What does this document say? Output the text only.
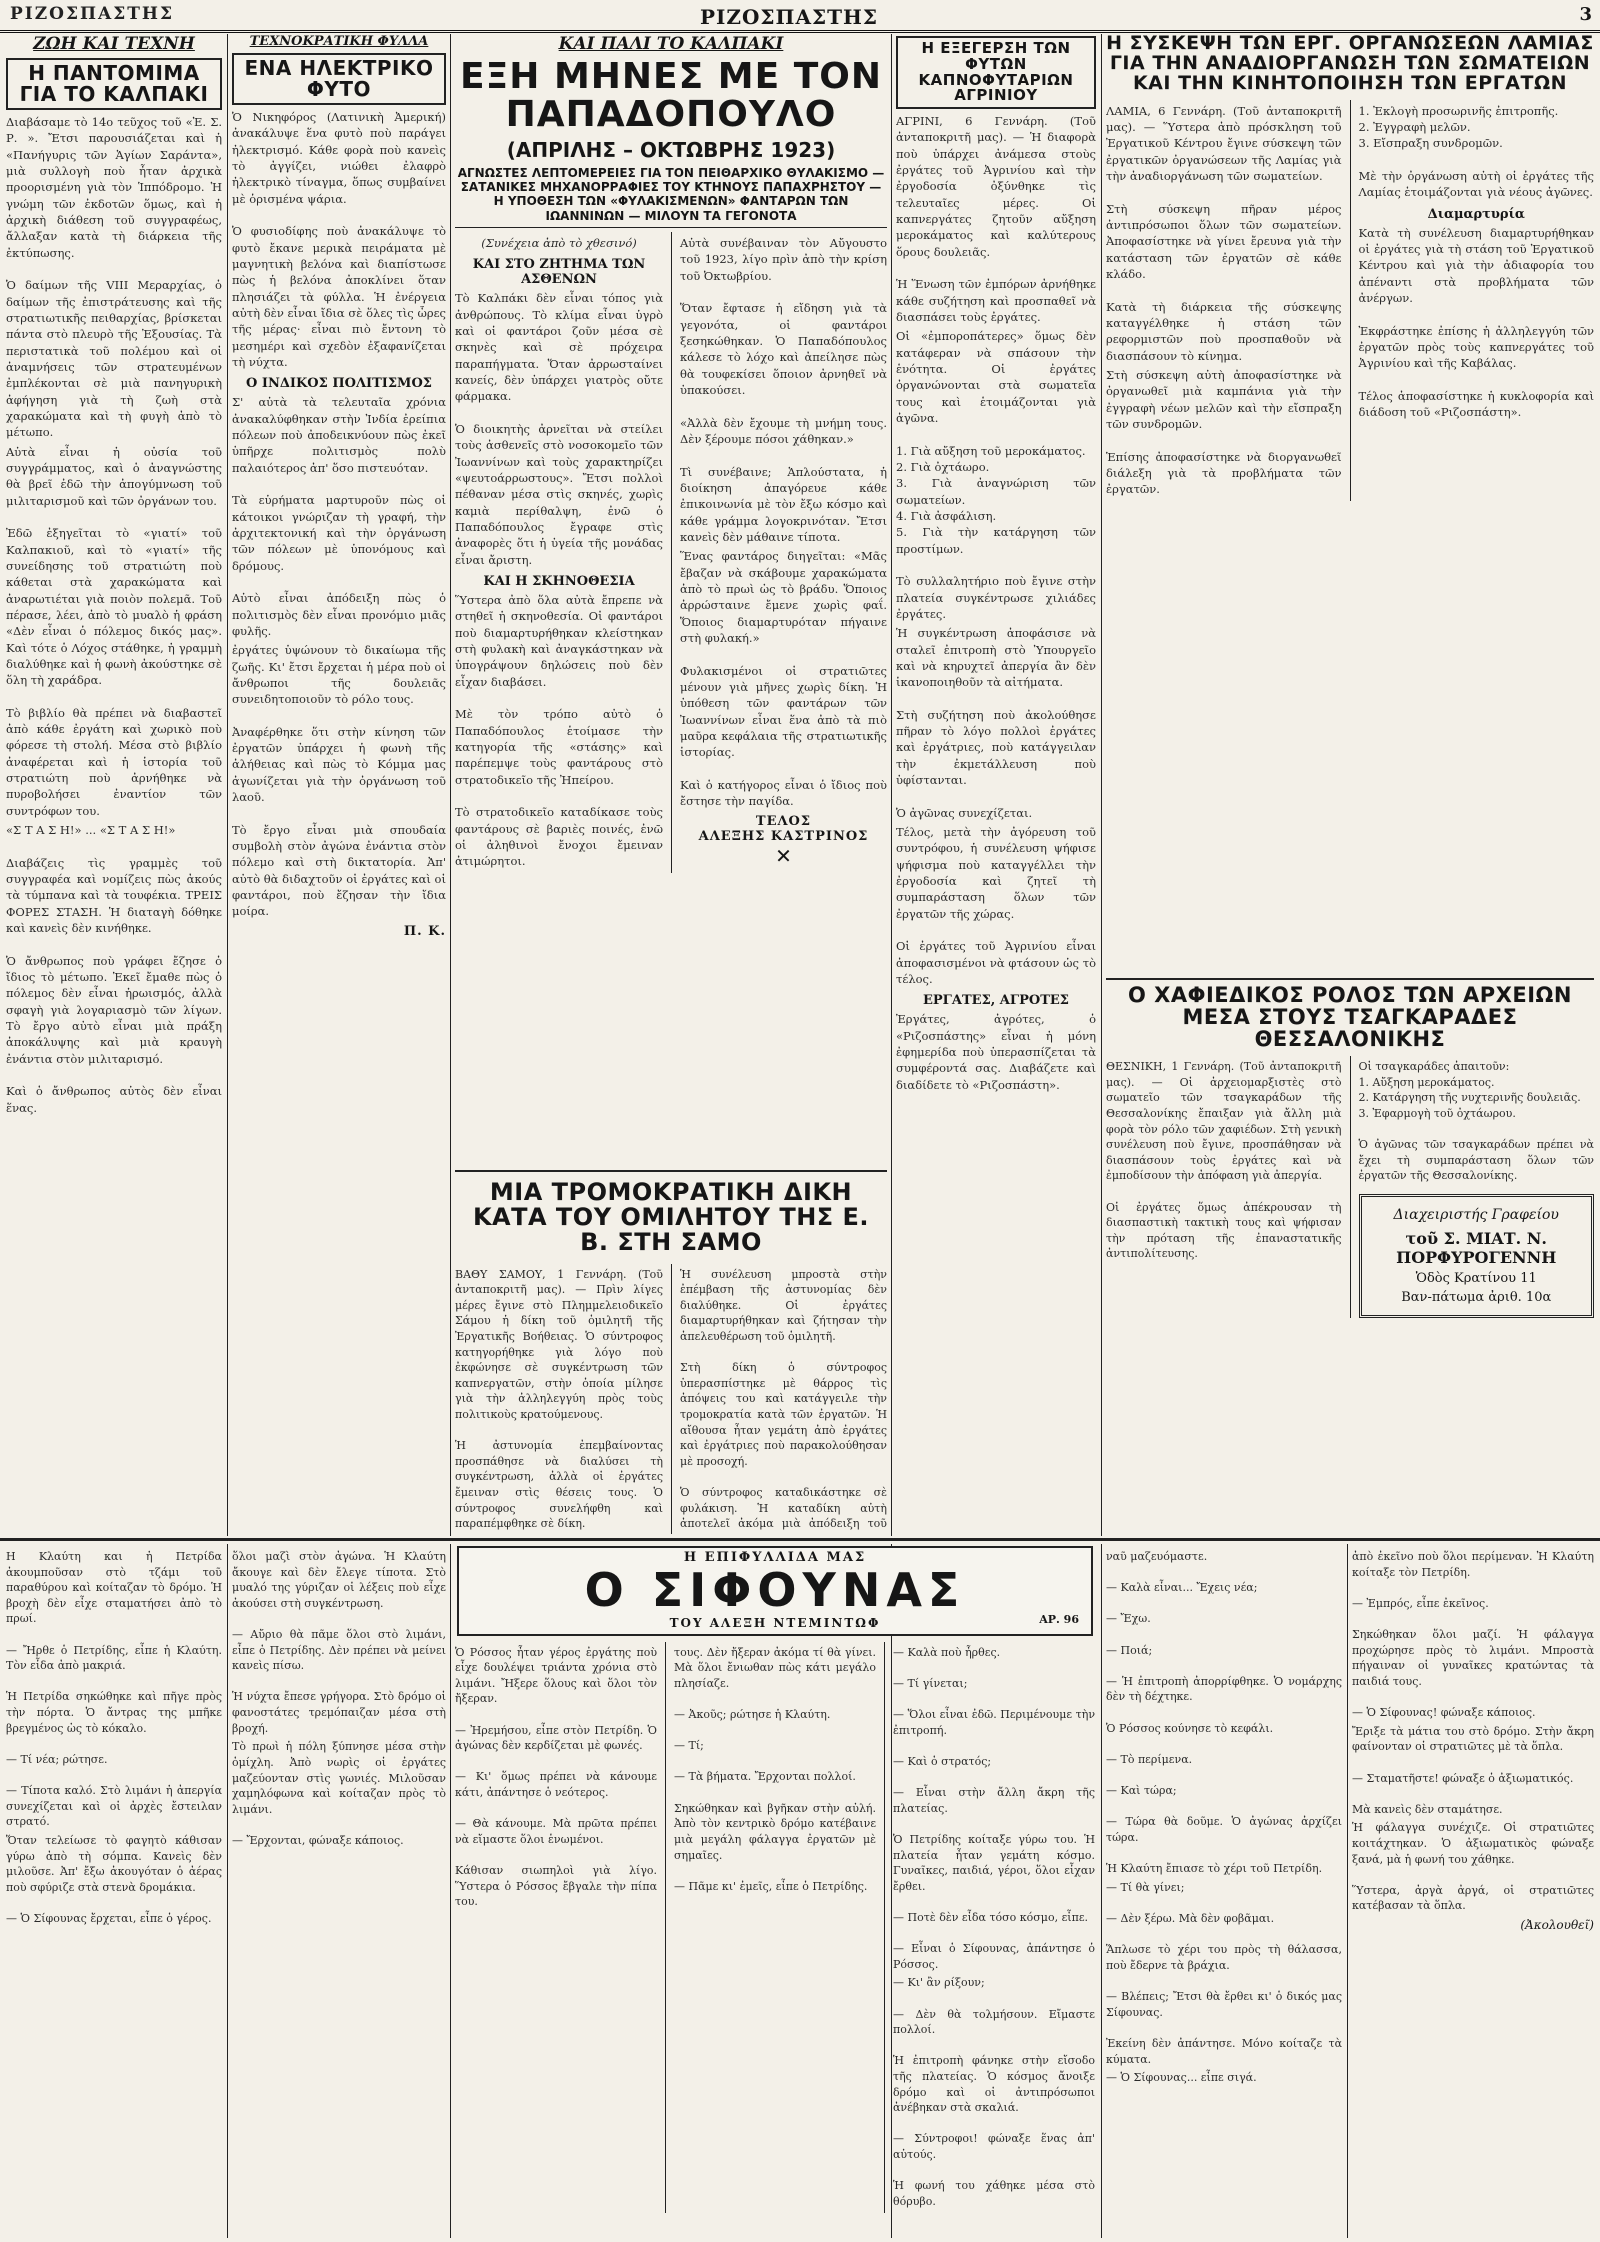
ΡΙΖΟΣΠΑΣΤΗΣ	ΡΙΖΟΣΠΑΣΤΗΣ	3
ΖΩΗ ΚΑΙ ΤΕΧΝΗ
Η ΠΑΝΤΟΜΙΜΑ ΓΙΑ ΤΟ ΚΑΛΠΑΚΙ
Διαβάσαμε τὸ 14ο τεῦχος τοῦ «Ἑ. Σ. Ρ. ». Ἔτσι παρουσιάζεται καὶ ἡ «Πανήγυρις τῶν Ἁγίων Σαράντα», μιὰ συλλογὴ ποὺ ἦταν ἀρχικὰ προορισμένη γιὰ τὸν Ἱππόδρομο. Ἡ γνώμη τῶν ἐκδοτῶν ὅμως, καὶ ἡ ἀρχικὴ διάθεση τοῦ συγγραφέως, ἄλλαξαν κατὰ τὴ διάρκεια τῆς ἐκτύπωσης.

Ὁ δαίμων τῆς VIII Μεραρχίας, ὁ δαίμων τῆς ἐπιστράτευσης καὶ τῆς στρατιωτικῆς πειθαρχίας, βρίσκεται πάντα στὸ πλευρὸ τῆς Ἐξουσίας. Τὰ περιστατικὰ τοῦ πολέμου καὶ οἱ ἀναμνήσεις τῶν στρατευμένων ἐμπλέκονται σὲ μιὰ πανηγυρικὴ ἀφήγηση γιὰ τὴ ζωὴ στὰ χαρακώματα καὶ τὴ φυγὴ ἀπὸ τὸ μέτωπο.
Αὐτὰ εἶναι ἡ οὐσία τοῦ συγγράμματος, καὶ ὁ ἀναγνώστης θὰ βρεῖ ἐδῶ τὴν ἀπογύμνωση τοῦ μιλιταρισμοῦ καὶ τῶν ὀργάνων του.

Ἐδῶ ἐξηγεῖται τὸ «γιατί» τοῦ Καλπακιοῦ, καὶ τὸ «γιατί» τῆς συνείδησης τοῦ στρατιώτη ποὺ κάθεται στὰ χαρακώματα καὶ ἀναρωτιέται γιὰ ποιὸν πολεμᾶ. Τοῦ πέρασε, λέει, ἀπὸ τὸ μυαλὸ ἡ φράση «Δὲν εἶναι ὁ πόλεμος δικός μας». Καὶ τότε ὁ Λόχος στάθηκε, ἡ γραμμὴ διαλύθηκε καὶ ἡ φωνὴ ἀκούστηκε σὲ ὅλη τὴ χαράδρα.

Τὸ βιβλίο θὰ πρέπει νὰ διαβαστεῖ ἀπὸ κάθε ἐργάτη καὶ χωρικὸ ποὺ φόρεσε τὴ στολή. Μέσα στὸ βιβλίο ἀναφέρεται καὶ ἡ ἱστορία τοῦ στρατιώτη ποὺ ἀρνήθηκε νὰ πυροβολήσει ἐναντίον τῶν συντρόφων του.
«Σ Τ Α Σ Η!» ... «Σ Τ Α Σ Η!»

Διαβάζεις τὶς γραμμὲς τοῦ συγγραφέα καὶ νομίζεις πὼς ἀκούς τὰ τύμπανα καὶ τὰ τουφέκια. ΤΡΕΙΣ ΦΟΡΕΣ ΣΤΑΣΗ. Ἡ διαταγὴ δόθηκε καὶ κανεὶς δὲν κινήθηκε.

Ὁ ἄνθρωπος ποὺ γράφει ἔζησε ὁ ἴδιος τὸ μέτωπο. Ἐκεῖ ἔμαθε πὼς ὁ πόλεμος δὲν εἶναι ἡρωισμός, ἀλλὰ σφαγὴ γιὰ λογαριασμὸ τῶν λίγων. Τὸ ἔργο αὐτὸ εἶναι μιὰ πράξη ἀποκάλυψης καὶ μιὰ κραυγὴ ἐνάντια στὸν μιλιταρισμό.

Καὶ ὁ ἄνθρωπος αὐτὸς δὲν εἶναι ἕνας.
ΤΕΧΝΟΚΡΑΤΙΚΗ ΦΥΛΛΑ
ΕΝΑ ΗΛΕΚΤΡΙΚΟ ΦΥΤΟ
Ὁ Νικηφόρος (Λατινικὴ Ἀμερική) ἀνακάλυψε ἕνα φυτὸ ποὺ παράγει ἠλεκτρισμό. Κάθε φορὰ ποὺ κανεὶς τὸ ἀγγίζει, νιώθει ἐλαφρὸ ἠλεκτρικὸ τίναγμα, ὅπως συμβαίνει μὲ ὁρισμένα ψάρια.

Ὁ φυσιοδίφης ποὺ ἀνακάλυψε τὸ φυτὸ ἔκανε μερικὰ πειράματα μὲ μαγνητικὴ βελόνα καὶ διαπίστωσε πὼς ἡ βελόνα ἀποκλίνει ὅταν πλησιάζει τὰ φύλλα. Ἡ ἐνέργεια αὐτὴ δὲν εἶναι ἴδια σὲ ὅλες τὶς ὧρες τῆς μέρας· εἶναι πιὸ ἔντονη τὸ μεσημέρι καὶ σχεδὸν ἐξαφανίζεται τὴ νύχτα.
Ο ΙΝΔΙΚΟΣ ΠΟΛΙΤΙΣΜΟΣ
Σ' αὐτὰ τὰ τελευταῖα χρόνια ἀνακαλύφθηκαν στὴν Ἰνδία ἐρείπια πόλεων ποὺ ἀποδεικνύουν πὼς ἐκεῖ ὑπῆρχε πολιτισμὸς πολὺ παλαιότερος ἀπ' ὅσο πιστευόταν.

Τὰ εὑρήματα μαρτυροῦν πὼς οἱ κάτοικοι γνώριζαν τὴ γραφή, τὴν ἀρχιτεκτονική καὶ τὴν ὀργάνωση τῶν πόλεων μὲ ὑπονόμους καὶ δρόμους.

Αὐτὸ εἶναι ἀπόδειξη πὼς ὁ πολιτισμὸς δὲν εἶναι προνόμιο μιᾶς φυλῆς.
ἐργάτες ὑψώνουν τὸ δικαίωμα τῆς ζωῆς. Κι' ἔτσι ἔρχεται ἡ μέρα ποὺ οἱ ἄνθρωποι τῆς δουλειᾶς συνειδητοποιοῦν τὸ ρόλο τους.

Ἀναφέρθηκε ὅτι στὴν κίνηση τῶν ἐργατῶν ὑπάρχει ἡ φωνὴ τῆς ἀλήθειας καὶ πὼς τὸ Κόμμα μας ἀγωνίζεται γιὰ τὴν ὀργάνωση τοῦ λαοῦ.

Τὸ ἔργο εἶναι μιὰ σπουδαία συμβολὴ στὸν ἀγώνα ἐνάντια στὸν πόλεμο καὶ στὴ δικτατορία. Ἀπ' αὐτὸ θὰ διδαχτοῦν οἱ ἐργάτες καὶ οἱ φαντάροι, ποὺ ἔζησαν τὴν ἴδια μοίρα.
Π. Κ.
ΚΑΙ ΠΑΛΙ ΤΟ ΚΑΛΠΑΚΙ
ΕΞΗ ΜΗΝΕΣ ΜΕ ΤΟΝ ΠΑΠΑΔΟΠΟΥΛΟ
(ΑΠΡΙΛΗΣ – ΟΚΤΩΒΡΗΣ 1923)
ΑΓΝΩΣΤΕΣ ΛΕΠΤΟΜΕΡΕΙΕΣ ΓΙΑ ΤΟΝ ΠΕΙΘΑΡΧΙΚΟ ΘΥΛΑΚΙΣΜΟ — ΣΑΤΑΝΙΚΕΣ ΜΗΧΑΝΟΡΡΑΦΙΕΣ ΤΟΥ ΚΤΗΝΟΥΣ ΠΑΠΑΧΡΗΣΤΟΥ — Η ΥΠΟΘΕΣΗ ΤΩΝ «ΦΥΛΑΚΙΣΜΕΝΩΝ» ΦΑΝΤΑΡΩΝ ΤΩΝ ΙΩΑΝΝΙΝΩΝ — ΜΙΛΟΥΝ ΤΑ ΓΕΓΟΝΟΤΑ
(Συνέχεια ἀπὸ τὸ χθεσινό)
ΚΑΙ ΣΤΟ ΖΗΤΗΜΑ ΤΩΝ ΑΣΘΕΝΩΝ
Τὸ Καλπάκι δὲν εἶναι τόπος γιὰ ἀνθρώπους. Τὸ κλίμα εἶναι ὑγρὸ καὶ οἱ φαντάροι ζοῦν μέσα σὲ σκηνὲς καὶ σὲ πρόχειρα παραπήγματα. Ὅταν ἀρρωσταίνει κανείς, δὲν ὑπάρχει γιατρὸς οὔτε φάρμακα.

Ὁ διοικητὴς ἀρνεῖται νὰ στείλει τοὺς ἀσθενεῖς στὸ νοσοκομεῖο τῶν Ἰωαννίνων καὶ τοὺς χαρακτηρίζει «ψευτοάρρωστους». Ἔτσι πολλοὶ πέθαναν μέσα στὶς σκηνές, χωρὶς καμιὰ περίθαλψη, ἐνῶ ὁ Παπαδόπουλος ἔγραφε στὶς ἀναφορὲς ὅτι ἡ ὑγεία τῆς μονάδας εἶναι ἄριστη.
ΚΑΙ Η ΣΚΗΝΟΘΕΣΙΑ
Ὕστερα ἀπὸ ὅλα αὐτὰ ἔπρεπε νὰ στηθεῖ ἡ σκηνοθεσία. Οἱ φαντάροι ποὺ διαμαρτυρήθηκαν κλείστηκαν στὴ φυλακὴ καὶ ἀναγκάστηκαν νὰ ὑπογράψουν δηλώσεις ποὺ δὲν εἶχαν διαβάσει.

Μὲ τὸν τρόπο αὐτὸ ὁ Παπαδόπουλος ἑτοίμασε τὴν κατηγορία τῆς «στάσης» καὶ παρέπεμψε τοὺς φαντάρους στὸ στρατοδικεῖο τῆς Ἠπείρου.

Τὸ στρατοδικεῖο καταδίκασε τοὺς φαντάρους σὲ βαριὲς ποινές, ἐνῶ οἱ ἀληθινοὶ ἔνοχοι ἔμειναν ἀτιμώρητοι.
Αὐτὰ συνέβαιναν τὸν Αὔγουστο τοῦ 1923, λίγο πρὶν ἀπὸ τὴν κρίση τοῦ Ὀκτωβρίου.

Ὅταν ἔφτασε ἡ εἴδηση γιὰ τὰ γεγονότα, οἱ φαντάροι ξεσηκώθηκαν. Ὁ Παπαδόπουλος κάλεσε τὸ λόχο καὶ ἀπείλησε πὼς θὰ τουφεκίσει ὅποιον ἀρνηθεῖ νὰ ὑπακούσει.

«Ἀλλὰ δὲν ἔχουμε τὴ μνήμη τους. Δὲν ξέρουμε πόσοι χάθηκαν.»

Τὶ συνέβαινε; Ἁπλούστατα, ἡ διοίκηση ἀπαγόρευε κάθε ἐπικοινωνία μὲ τὸν ἔξω κόσμο καὶ κάθε γράμμα λογοκρινόταν. Ἔτσι κανεὶς δὲν μάθαινε τίποτα.
Ἕνας φαντάρος διηγεῖται: «Μᾶς ἔβαζαν νὰ σκάβουμε χαρακώματα ἀπὸ τὸ πρωὶ ὡς τὸ βράδυ. Ὅποιος ἀρρώσταινε ἔμενε χωρὶς φαΐ. Ὅποιος διαμαρτυρόταν πήγαινε στὴ φυλακή.»

Φυλακισμένοι οἱ στρατιῶτες μένουν γιὰ μῆνες χωρὶς δίκη. Ἡ ὑπόθεση τῶν φαντάρων τῶν Ἰωαννίνων εἶναι ἕνα ἀπὸ τὰ πιὸ μαῦρα κεφάλαια τῆς στρατιωτικῆς ἱστορίας.

Καὶ ὁ κατήγορος εἶναι ὁ ἴδιος ποὺ ἔστησε τὴν παγίδα.
ΤΕΛΟΣ
ΑΛΕΞΗΣ ΚΑΣΤΡΙΝΟΣ
✕
ΜΙΑ ΤΡΟΜΟΚΡΑΤΙΚΗ ΔΙΚΗ ΚΑΤΑ ΤΟΥ ΟΜΙΛΗΤΟΥ ΤΗΣ Ε. Β. ΣΤΗ ΣΑΜΟ
ΒΑΘΥ ΣΑΜΟΥ, 1 Γεννάρη. (Τοῦ ἀνταποκριτῆ μας). — Πρὶν λίγες μέρες ἔγινε στὸ Πλημμελειοδικεῖο Σάμου ἡ δίκη τοῦ ὁμιλητῆ τῆς Ἐργατικῆς Βοήθειας. Ὁ σύντροφος κατηγορήθηκε γιὰ λόγο ποὺ ἐκφώνησε σὲ συγκέντρωση τῶν καπνεργατῶν, στὴν ὁποία μίλησε γιὰ τὴν ἀλληλεγγύη πρὸς τοὺς πολιτικοὺς κρατούμενους.

Ἡ ἀστυνομία ἐπεμβαίνοντας προσπάθησε νὰ διαλύσει τὴ συγκέντρωση, ἀλλὰ οἱ ἐργάτες ἔμειναν στὶς θέσεις τους. Ὁ σύντροφος συνελήφθη καὶ παραπέμφθηκε σὲ δίκη.
Ἡ συνέλευση μπροστὰ στὴν ἐπέμβαση τῆς ἀστυνομίας δὲν διαλύθηκε. Οἱ ἐργάτες διαμαρτυρήθηκαν καὶ ζήτησαν τὴν ἀπελευθέρωση τοῦ ὁμιλητῆ.

Στὴ δίκη ὁ σύντροφος ὑπερασπίστηκε μὲ θάρρος τὶς ἀπόψεις του καὶ κατάγγειλε τὴν τρομοκρατία κατὰ τῶν ἐργατῶν. Ἡ αἴθουσα ἦταν γεμάτη ἀπὸ ἐργάτες καὶ ἐργάτριες ποὺ παρακολούθησαν μὲ προσοχή.

Ὁ σύντροφος καταδικάστηκε σὲ φυλάκιση. Ἡ καταδίκη αὐτὴ ἀποτελεῖ ἀκόμα μιὰ ἀπόδειξη τοῦ
Η ΕΞΕΓΕΡΣΗ ΤΩΝ ΦΥΤΩΝ ΚΑΠΝΟΦΥΤΑΡΙΩΝ ΑΓΡΙΝΙΟΥ
ΑΓΡΙΝΙ, 6 Γεννάρη. (Τοῦ ἀνταποκριτῆ μας). — Ἡ διαφορὰ ποὺ ὑπάρχει ἀνάμεσα στοὺς ἐργάτες τοῦ Ἀγρινίου καὶ τὴν ἐργοδοσία ὀξύνθηκε τὶς τελευταῖες μέρες. Οἱ καπνεργάτες ζητοῦν αὔξηση μεροκάματος καὶ καλύτερους ὅρους δουλειᾶς.

Ἡ Ἕνωση τῶν ἐμπόρων ἀρνήθηκε κάθε συζήτηση καὶ προσπαθεῖ νὰ διασπάσει τοὺς ἐργάτες.
Οἱ «ἐμποροπάτερες» ὅμως δὲν κατάφεραν νὰ σπάσουν τὴν ἑνότητα. Οἱ ἐργάτες ὀργανώνονται στὰ σωματεῖα τους καὶ ἑτοιμάζονται γιὰ ἀγῶνα.

1. Γιὰ αὔξηση τοῦ μεροκάματος.
2. Γιὰ ὀχτάωρο.
3. Γιὰ ἀναγνώριση τῶν σωματείων.
4. Γιὰ ἀσφάλιση.
5. Γιὰ τὴν κατάργηση τῶν προστίμων.

Τὸ συλλαλητήριο ποὺ ἔγινε στὴν πλατεία συγκέντρωσε χιλιάδες ἐργάτες.
Ἡ συγκέντρωση ἀποφάσισε νὰ σταλεῖ ἐπιτροπὴ στὸ Ὑπουργεῖο καὶ νὰ κηρυχτεῖ ἀπεργία ἂν δὲν ἱκανοποιηθοῦν τὰ αἰτήματα.

Στὴ συζήτηση ποὺ ἀκολούθησε πῆραν τὸ λόγο πολλοὶ ἐργάτες καὶ ἐργάτριες, ποὺ κατάγγειλαν τὴν ἐκμετάλλευση ποὺ ὑφίστανται.

Ὁ ἀγῶνας συνεχίζεται.
Τέλος, μετὰ τὴν ἀγόρευση τοῦ συντρόφου, ἡ συνέλευση ψήφισε ψήφισμα ποὺ καταγγέλλει τὴν ἐργοδοσία καὶ ζητεῖ τὴ συμπαράσταση ὅλων τῶν ἐργατῶν τῆς χώρας.

Οἱ ἐργάτες τοῦ Ἀγρινίου εἶναι ἀποφασισμένοι νὰ φτάσουν ὡς τὸ τέλος.
ΕΡΓΑΤΕΣ, ΑΓΡΟΤΕΣ
Ἐργάτες, ἀγρότες, ὁ «Ριζοσπάστης» εἶναι ἡ μόνη ἐφημερίδα ποὺ ὑπερασπίζεται τὰ συμφέροντά σας. Διαβάζετε καὶ διαδίδετε τὸ «Ριζοσπάστη».
Η ΣΥΣΚΕΨΗ ΤΩΝ ΕΡΓ. ΟΡΓΑΝΩΣΕΩΝ ΛΑΜΙΑΣ ΓΙΑ ΤΗΝ ΑΝΑΔΙΟΡΓΑΝΩΣΗ ΤΩΝ ΣΩΜΑΤΕΙΩΝ ΚΑΙ ΤΗΝ ΚΙΝΗΤΟΠΟΙΗΣΗ ΤΩΝ ΕΡΓΑΤΩΝ
ΛΑΜΙΑ, 6 Γεννάρη. (Τοῦ ἀνταποκριτῆ μας). — Ὕστερα ἀπὸ πρόσκληση τοῦ Ἐργατικοῦ Κέντρου ἔγινε σύσκεψη τῶν ἐργατικῶν ὀργανώσεων τῆς Λαμίας γιὰ τὴν ἀναδιοργάνωση τῶν σωματείων.

Στὴ σύσκεψη πῆραν μέρος ἀντιπρόσωποι ὅλων τῶν σωματείων. Ἀποφασίστηκε νὰ γίνει ἔρευνα γιὰ τὴν κατάσταση τῶν ἐργατῶν σὲ κάθε κλάδο.

Κατὰ τὴ διάρκεια τῆς σύσκεψης καταγγέλθηκε ἡ στάση τῶν ρεφορμιστῶν ποὺ προσπαθοῦν νὰ διασπάσουν τὸ κίνημα.
Στὴ σύσκεψη αὐτὴ ἀποφασίστηκε νὰ ὀργανωθεῖ μιὰ καμπάνια γιὰ τὴν ἐγγραφὴ νέων μελῶν καὶ τὴν εἴσπραξη τῶν συνδρομῶν.

Ἑπίσης ἀποφασίστηκε νὰ διοργανωθεῖ διάλεξη γιὰ τὰ προβλήματα τῶν ἐργατῶν.
1. Ἐκλογὴ προσωρινῆς ἐπιτροπῆς.
2. Ἐγγραφὴ μελῶν.
3. Εἴσπραξη συνδρομῶν.

Μὲ τὴν ὀργάνωση αὐτὴ οἱ ἐργάτες τῆς Λαμίας ἑτοιμάζονται γιὰ νέους ἀγῶνες.
Διαμαρτυρία
Κατὰ τὴ συνέλευση διαμαρτυρήθηκαν οἱ ἐργάτες γιὰ τὴ στάση τοῦ Ἐργατικοῦ Κέντρου καὶ γιὰ τὴν ἀδιαφορία του ἀπέναντι στὰ προβλήματα τῶν ἀνέργων.

Ἐκφράστηκε ἐπίσης ἡ ἀλληλεγγύη τῶν ἐργατῶν πρὸς τοὺς καπνεργάτες τοῦ Ἀγρινίου καὶ τῆς Καβάλας.

Τέλος ἀποφασίστηκε ἡ κυκλοφορία καὶ διάδοση τοῦ «Ριζοσπάστη».
Ο ΧΑΦΙΕΔΙΚΟΣ ΡΟΛΟΣ ΤΩΝ ΑΡΧΕΙΩΝ ΜΕΣΑ ΣΤΟΥΣ ΤΣΑΓΚΑΡΑΔΕΣ ΘΕΣΣΑΛΟΝΙΚΗΣ
ΘΕΣΝΙΚΗ, 1 Γεννάρη. (Τοῦ ἀνταποκριτῆ μας). — Οἱ ἀρχειομαρξιστὲς στὸ σωματεῖο τῶν τσαγκαράδων τῆς Θεσσαλονίκης ἔπαιξαν γιὰ ἄλλη μιὰ φορὰ τὸν ρόλο τῶν χαφιέδων. Στὴ γενικὴ συνέλευση ποὺ ἔγινε, προσπάθησαν νὰ διασπάσουν τοὺς ἐργάτες καὶ νὰ ἐμποδίσουν τὴν ἀπόφαση γιὰ ἀπεργία.

Οἱ ἐργάτες ὅμως ἀπέκρουσαν τὴ διασπαστικὴ τακτικὴ τους καὶ ψήφισαν τὴν πρόταση τῆς ἐπαναστατικῆς ἀντιπολίτευσης.
Οἱ τσαγκαράδες ἀπαιτοῦν:
1. Αὔξηση μεροκάματος.
2. Κατάργηση τῆς νυχτερινῆς δουλειᾶς.
3. Ἐφαρμογὴ τοῦ ὀχτάωρου.

Ὁ ἀγῶνας τῶν τσαγκαράδων πρέπει νὰ ἔχει τὴ συμπαράσταση ὅλων τῶν ἐργατῶν τῆς Θεσσαλονίκης.
Διαχειριστής Γραφείου
τοῦ Σ. ΜΙΑΤ. Ν. ΠΟΡΦΥΡΟΓΕΝΝΗ
Ὁδὸς Κρατίνου 11
Βαν-πάτωμα ἀριθ. 10α
Η Κλαύτη και ἡ Πετρίδα ἀκουμποῦσαν στὸ τζάμι τοῦ παραθύρου καὶ κοίταζαν τὸ δρόμο. Ἡ βροχὴ δὲν εἶχε σταματήσει ἀπὸ τὸ πρωί.

— Ἤρθε ὁ Πετρίδης, εἶπε ἡ Κλαύτη. Τὸν εἶδα ἀπὸ μακριά.

Ἡ Πετρίδα σηκώθηκε καὶ πῆγε πρὸς τὴν πόρτα. Ὁ ἄντρας της μπῆκε βρεγμένος ὡς τὸ κόκαλο.

— Τί νέα; ρώτησε.

— Τίποτα καλό. Στὸ λιμάνι ἡ ἀπεργία συνεχίζεται καὶ οἱ ἀρχὲς ἔστειλαν στρατό.
Ὅταν τελείωσε τὸ φαγητὸ κάθισαν γύρω ἀπὸ τὴ σόμπα. Κανεὶς δὲν μιλοῦσε. Ἀπ' ἔξω ἀκουγόταν ὁ ἀέρας ποὺ σφύριζε στὰ στενὰ δρομάκια.

— Ὁ Σίφουνας ἔρχεται, εἶπε ὁ γέρος.
ὅλοι μαζὶ στὸν ἀγώνα. Ἡ Κλαύτη ἄκουγε καὶ δὲν ἔλεγε τίποτα. Στὸ μυαλό της γύριζαν οἱ λέξεις ποὺ εἶχε ἀκούσει στὴ συγκέντρωση.

— Αὔριο θὰ πᾶμε ὅλοι στὸ λιμάνι, εἶπε ὁ Πετρίδης. Δὲν πρέπει νὰ μείνει κανεὶς πίσω.

Ἡ νύχτα ἔπεσε γρήγορα. Στὸ δρόμο οἱ φανοστάτες τρεμόπαιζαν μέσα στὴ βροχή.
Τὸ πρωὶ ἡ πόλη ξύπνησε μέσα στὴν ὁμίχλη. Ἀπὸ νωρὶς οἱ ἐργάτες μαζεύονταν στὶς γωνιές. Μιλοῦσαν χαμηλόφωνα καὶ κοίταζαν πρὸς τὸ λιμάνι.

— Ἔρχονται, φώναξε κάποιος.
Η ΕΠΙΦΥΛΛΙΔΑ ΜΑΣ
Ο ΣΙΦΟΥΝΑΣ
ΤΟΥ ΑΛΕΞΗ ΝΤΕΜΙΝΤΩΦ	ΑΡ. 96
Ὁ Ρόσσος ἦταν γέρος ἐργάτης ποὺ εἶχε δουλέψει τριάντα χρόνια στὸ λιμάνι. Ἤξερε ὅλους καὶ ὅλοι τὸν ἤξεραν.

— Ἠρεμήσου, εἶπε στὸν Πετρίδη. Ὁ ἀγώνας δὲν κερδίζεται μὲ φωνές.

— Κι' ὅμως πρέπει νὰ κάνουμε κάτι, ἀπάντησε ὁ νεότερος.

— Θὰ κάνουμε. Μὰ πρῶτα πρέπει νὰ εἴμαστε ὅλοι ἑνωμένοι.

Κάθισαν σιωπηλοὶ γιὰ λίγο. Ὕστερα ὁ Ρόσσος ἔβγαλε τὴν πίπα του.
τους. Δὲν ἤξεραν ἀκόμα τί θὰ γίνει. Μὰ ὅλοι ἔνιωθαν πὼς κάτι μεγάλο πλησίαζε.

— Ἀκοῦς; ρώτησε ἡ Κλαύτη.

— Τί;

— Τὰ βήματα. Ἔρχονται πολλοί.

Σηκώθηκαν καὶ βγῆκαν στὴν αὐλή. Ἀπὸ τὸν κεντρικὸ δρόμο κατέβαινε μιὰ μεγάλη φάλαγγα ἐργατῶν μὲ σημαῖες.

— Πᾶμε κι' ἐμεῖς, εἶπε ὁ Πετρίδης.
— Καλὰ ποὺ ἦρθες.

— Τί γίνεται;

— Ὅλοι εἶναι ἐδῶ. Περιμένουμε τὴν ἐπιτροπή.

— Καὶ ὁ στρατός;

— Εἶναι στὴν ἄλλη ἄκρη τῆς πλατείας.

Ὁ Πετρίδης κοίταξε γύρω του. Ἡ πλατεία ἦταν γεμάτη κόσμο. Γυναῖκες, παιδιά, γέροι, ὅλοι εἶχαν ἔρθει.

— Ποτὲ δὲν εἶδα τόσο κόσμο, εἶπε.

— Εἶναι ὁ Σίφουνας, ἀπάντησε ὁ Ρόσσος.
— Κι' ἂν ρίξουν;

— Δὲν θὰ τολμήσουν. Εἴμαστε πολλοί.

Ἡ ἐπιτροπὴ φάνηκε στὴν εἴσοδο τῆς πλατείας. Ὁ κόσμος ἄνοιξε δρόμο καὶ οἱ ἀντιπρόσωποι ἀνέβηκαν στὰ σκαλιά.

— Σύντροφοι! φώναξε ἕνας ἀπ' αὐτούς.

Ἡ φωνή του χάθηκε μέσα στὸ θόρυβο.
ναῦ μαζευόμαστε.

— Καλὰ εἶναι... Ἔχεις νέα;

— Ἔχω.

— Ποιά;

— Ἡ ἐπιτροπὴ ἀπορρίφθηκε. Ὁ νομάρχης δὲν τὴ δέχτηκε.

Ὁ Ρόσσος κούνησε τὸ κεφάλι.

— Τὸ περίμενα.

— Καὶ τώρα;

— Τώρα θὰ δοῦμε. Ὁ ἀγώνας ἀρχίζει τώρα.

Ἡ Κλαύτη ἔπιασε τὸ χέρι τοῦ Πετρίδη.
— Τί θὰ γίνει;

— Δὲν ξέρω. Μὰ δὲν φοβᾶμαι.

Ἅπλωσε τὸ χέρι του πρὸς τὴ θάλασσα, ποὺ ἔδερνε τὰ βράχια.

— Βλέπεις; Ἔτσι θὰ ἔρθει κι' ὁ δικός μας Σίφουνας.

Ἐκείνη δὲν ἀπάντησε. Μόνο κοίταζε τὰ κύματα.
— Ὁ Σίφουνας... εἶπε σιγά.
ἀπὸ ἐκεῖνο ποὺ ὅλοι περίμεναν. Ἡ Κλαύτη κοίταξε τὸν Πετρίδη.

— Ἐμπρός, εἶπε ἐκεῖνος.

Σηκώθηκαν ὅλοι μαζί. Ἡ φάλαγγα προχώρησε πρὸς τὸ λιμάνι. Μπροστὰ πήγαιναν οἱ γυναῖκες κρατώντας τὰ παιδιά τους.

— Ὁ Σίφουνας! φώναξε κάποιος.
Ἔριξε τὰ μάτια του στὸ δρόμο. Στὴν ἄκρη φαίνονταν οἱ στρατιῶτες μὲ τὰ ὅπλα.

— Σταματῆστε! φώναξε ὁ ἀξιωματικός.

Μὰ κανεὶς δὲν σταμάτησε.
Ἡ φάλαγγα συνέχιζε. Οἱ στρατιῶτες κοιτάχτηκαν. Ὁ ἀξιωματικὸς φώναξε ξανά, μὰ ἡ φωνή του χάθηκε.

Ὕστερα, ἀργὰ ἀργά, οἱ στρατιῶτες κατέβασαν τὰ ὅπλα.
(Ἀκολουθεῖ)
